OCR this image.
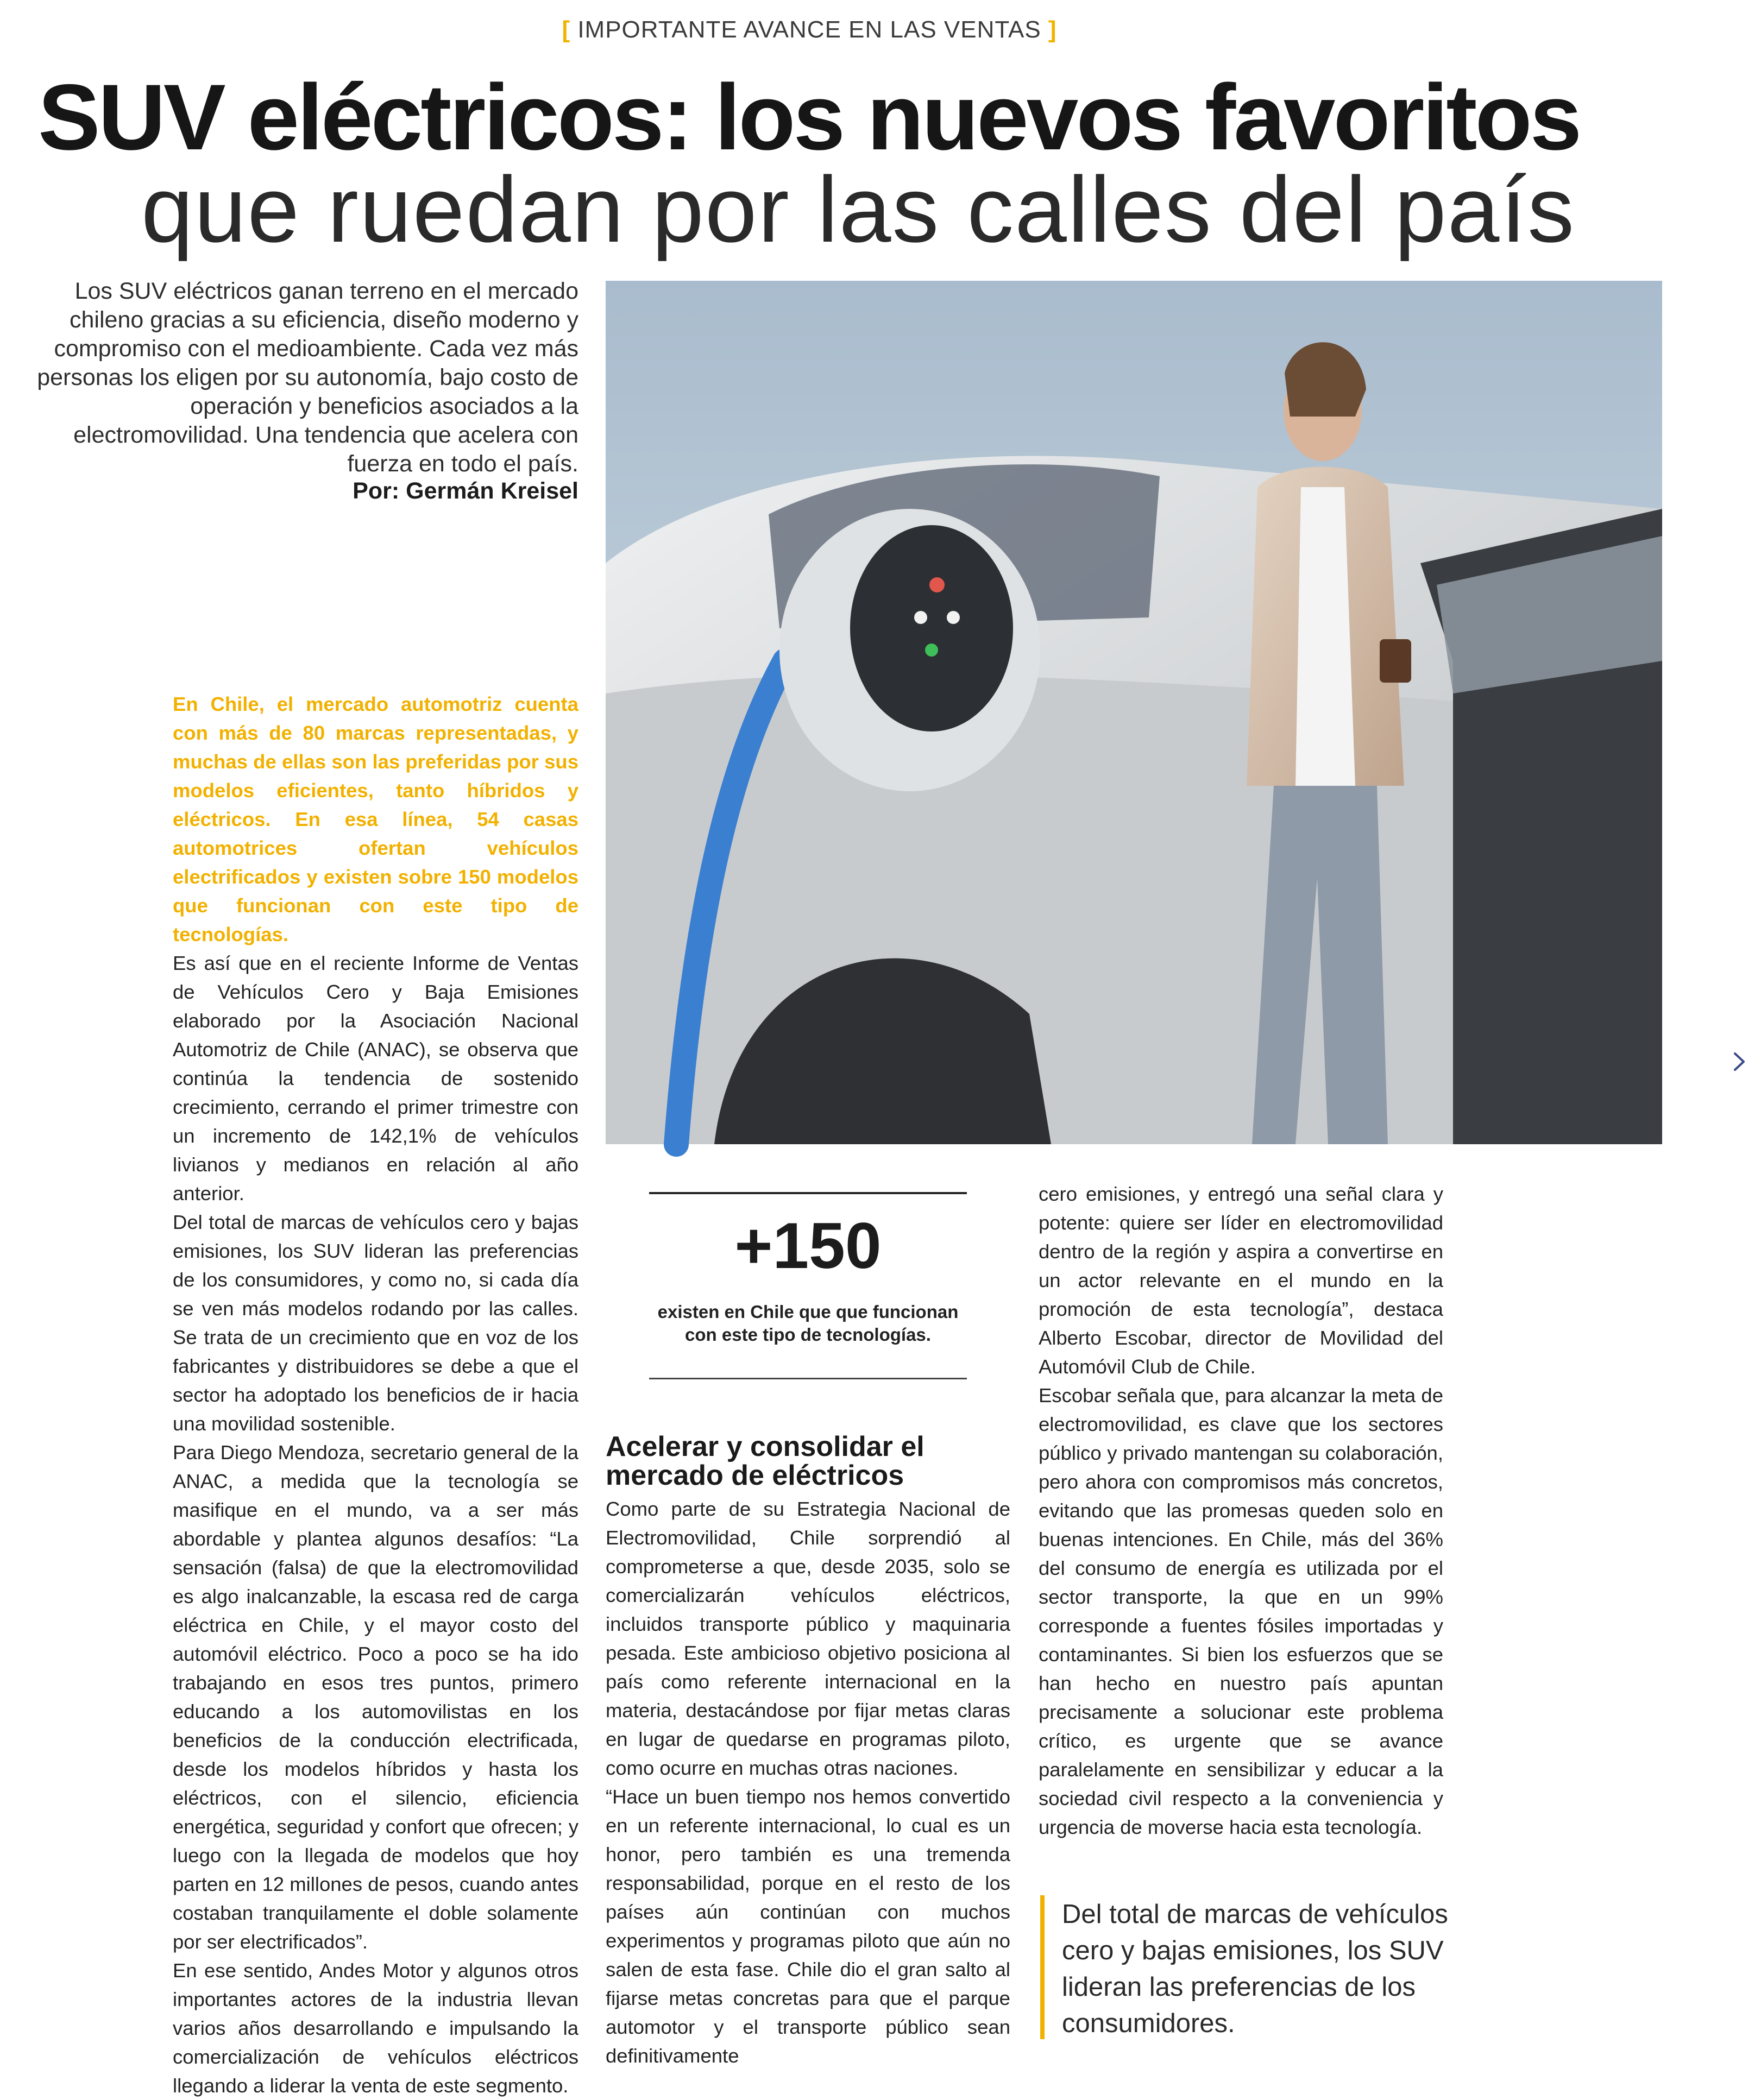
[ IMPORTANTE AVANCE EN LAS VENTAS ]
SUV eléctricos: los nuevos favoritos
que ruedan por las calles del país
Los SUV eléctricos ganan terreno en el mercado chileno gracias a su eficiencia, diseño moderno y compromiso con el medioambiente. Cada vez más personas los eligen por su autonomía, bajo costo de operación y beneficios asociados a la electromovilidad. Una tendencia que acelera con fuerza en todo el país.
Por: Germán Kreisel

En Chile, el mercado automotriz cuenta con más de 80 marcas representadas, y muchas de ellas son las preferidas por sus modelos eficientes, tanto híbridos y eléctricos. En esa línea, 54 casas automotrices ofertan vehículos electrificados y existen sobre 150 modelos que funcionan con este tipo de tecnologías.

Es así que en el reciente Informe de Ventas de Vehículos Cero y Baja Emisiones elaborado por la Asociación Nacional Automotriz de Chile (ANAC), se observa que continúa la tendencia de sostenido crecimiento, cerrando el primer trimestre con un incremento de 142,1% de vehículos livianos y medianos en relación al año anterior.

Del total de marcas de vehículos cero y bajas emisiones, los SUV lideran las preferencias de los consumidores, y como no, si cada día se ven más modelos rodando por las calles. Se trata de un crecimiento que en voz de los fabricantes y distribuidores se debe a que el sector ha adoptado los beneficios de ir hacia una movilidad sostenible.

Para Diego Mendoza, secretario general de la ANAC, a medida que la tecnología se masifique en el mundo, va a ser más abordable y plantea algunos desafíos: “La sensación (falsa) de que la electromovilidad es algo inalcanzable, la escasa red de carga eléctrica en Chile, y el mayor costo del automóvil eléctrico. Poco a poco se ha ido trabajando en esos tres puntos, primero educando a los automovilistas en los beneficios de la conducción electrificada, desde los modelos híbridos y hasta los eléctricos, con el silencio, eficiencia energética, seguridad y confort que ofrecen; y luego con la llegada de modelos que hoy parten en 12 millones de pesos, cuando antes costaban tranquilamente el doble solamente por ser electrificados”.

En ese sentido, Andes Motor y algunos otros importantes actores de la industria llevan varios años desarrollando e impulsando la comercialización de vehículos eléctricos llegando a liderar la venta de este segmento.

+150
existen en Chile que que funcionan con este tipo de tecnologías.
Acelerar y consolidar el mercado de eléctricos

Como parte de su Estrategia Nacional de Electromovilidad, Chile sorprendió al comprometerse a que, desde 2035, solo se comercializarán vehículos eléctricos, incluidos transporte público y maquinaria pesada. Este ambicioso objetivo posiciona al país como referente internacional en la materia, destacándose por fijar metas claras en lugar de quedarse en programas piloto, como ocurre en muchas otras naciones.

“Hace un buen tiempo nos hemos convertido en un referente internacional, lo cual es un honor, pero también es una tremenda responsabilidad, porque en el resto de los países aún continúan con muchos experimentos y programas piloto que aún no salen de esta fase. Chile dio el gran salto al fijarse metas concretas para que el parque automotor y el transporte público sean definitivamente

cero emisiones, y entregó una señal clara y potente: quiere ser líder en electromovilidad dentro de la región y aspira a convertirse en un actor relevante en el mundo en la promoción de esta tecnología”, destaca Alberto Escobar, director de Movilidad del Automóvil Club de Chile.

Escobar señala que, para alcanzar la meta de electromovilidad, es clave que los sectores público y privado mantengan su colaboración, pero ahora con compromisos más concretos, evitando que las promesas queden solo en buenas intenciones. En Chile, más del 36% del consumo de energía es utilizada por el sector transporte, la que en un 99% corresponde a fuentes fósiles importadas y contaminantes. Si bien los esfuerzos que se han hecho en nuestro país apuntan precisamente a solucionar este problema crítico, es urgente que se avance paralelamente en sensibilizar y educar a la sociedad civil respecto a la conveniencia y urgencia de moverse hacia esta tecnología.

Del total de marcas de vehículos cero y bajas emisiones, los SUV lideran las preferencias de los consumidores.
